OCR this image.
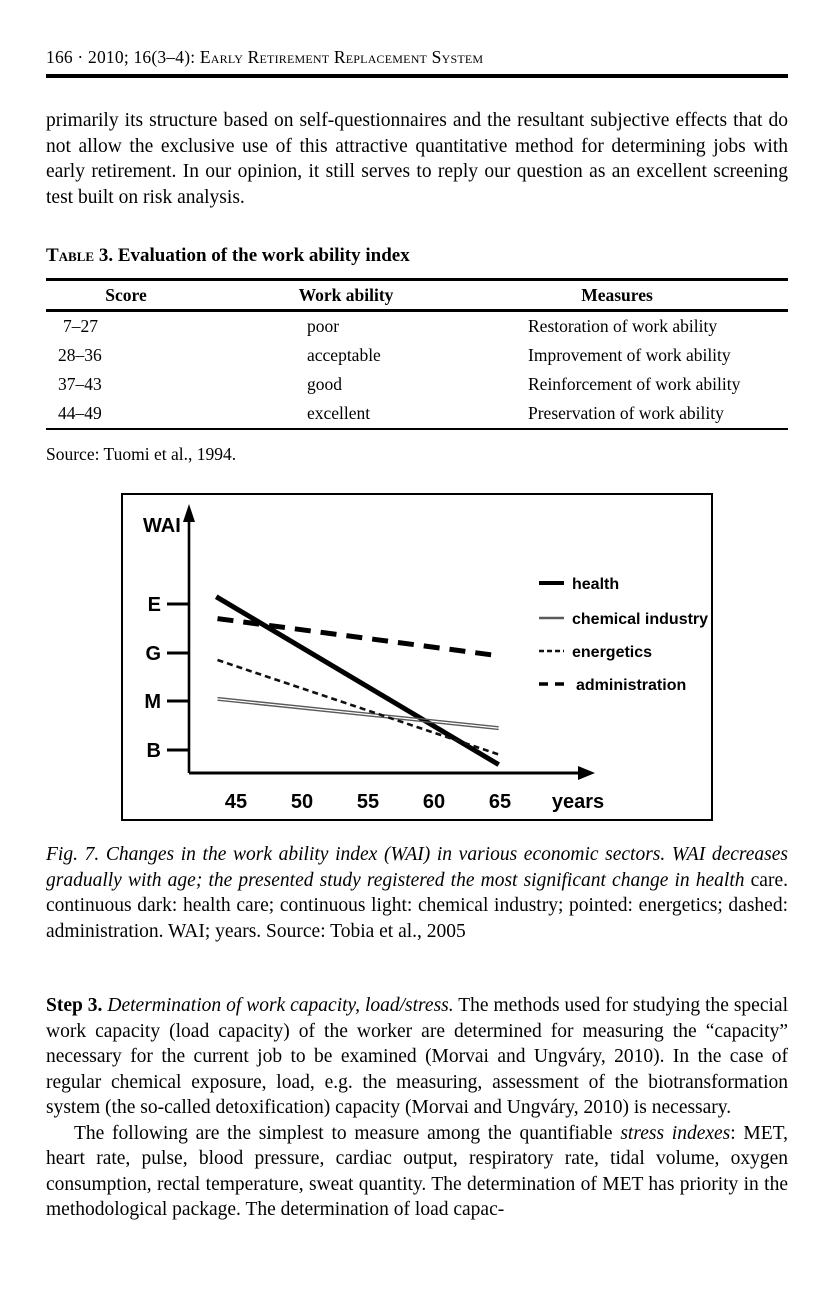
166 · 2010; 16(3–4): Early Retirement Replacement System
primarily its structure based on self-questionnaires and the resultant subjective effects that do not allow the exclusive use of this attractive quantitative method for determining jobs with early retirement. In our opinion, it still serves to reply our question as an excellent screening test built on risk analysis.
Table 3. Evaluation of the work ability index
Score	Work ability	Measures
7–27	poor	Restoration of work ability
28–36	acceptable	Improvement of work ability
37–43	good	Reinforcement of work ability
44–49	excellent	Preservation of work ability
Source: Tuomi et al., 1994.
E
G
M
B
45 50 55 60 65
WAI
years
health
chemical industry
energetics
administration
Fig. 7. Changes in the work ability index (WAI) in various economic sectors. WAI decreases gradually with age; the presented study registered the most significant change in health care. continuous dark: health care; continuous light: chemical industry; pointed: energetics; dashed: administration. WAI; years. Source: Tobia et al., 2005

Step 3. Determination of work capacity, load/stress. The methods used for studying the special work capacity (load capacity) of the worker are determined for measuring the “capacity” necessary for the current job to be examined (Morvai and Ungváry, 2010). In the case of regular chemical exposure, load, e.g. the measuring, assessment of the biotransformation system (the so-called detoxification) capacity (Morvai and Ungváry, 2010) is necessary.

The following are the simplest to measure among the quantifiable stress indexes: MET, heart rate, pulse, blood pressure, cardiac output, respiratory rate, tidal volume, oxygen consumption, rectal temperature, sweat quantity. The determination of MET has priority in the methodological package. The determination of load capac-
